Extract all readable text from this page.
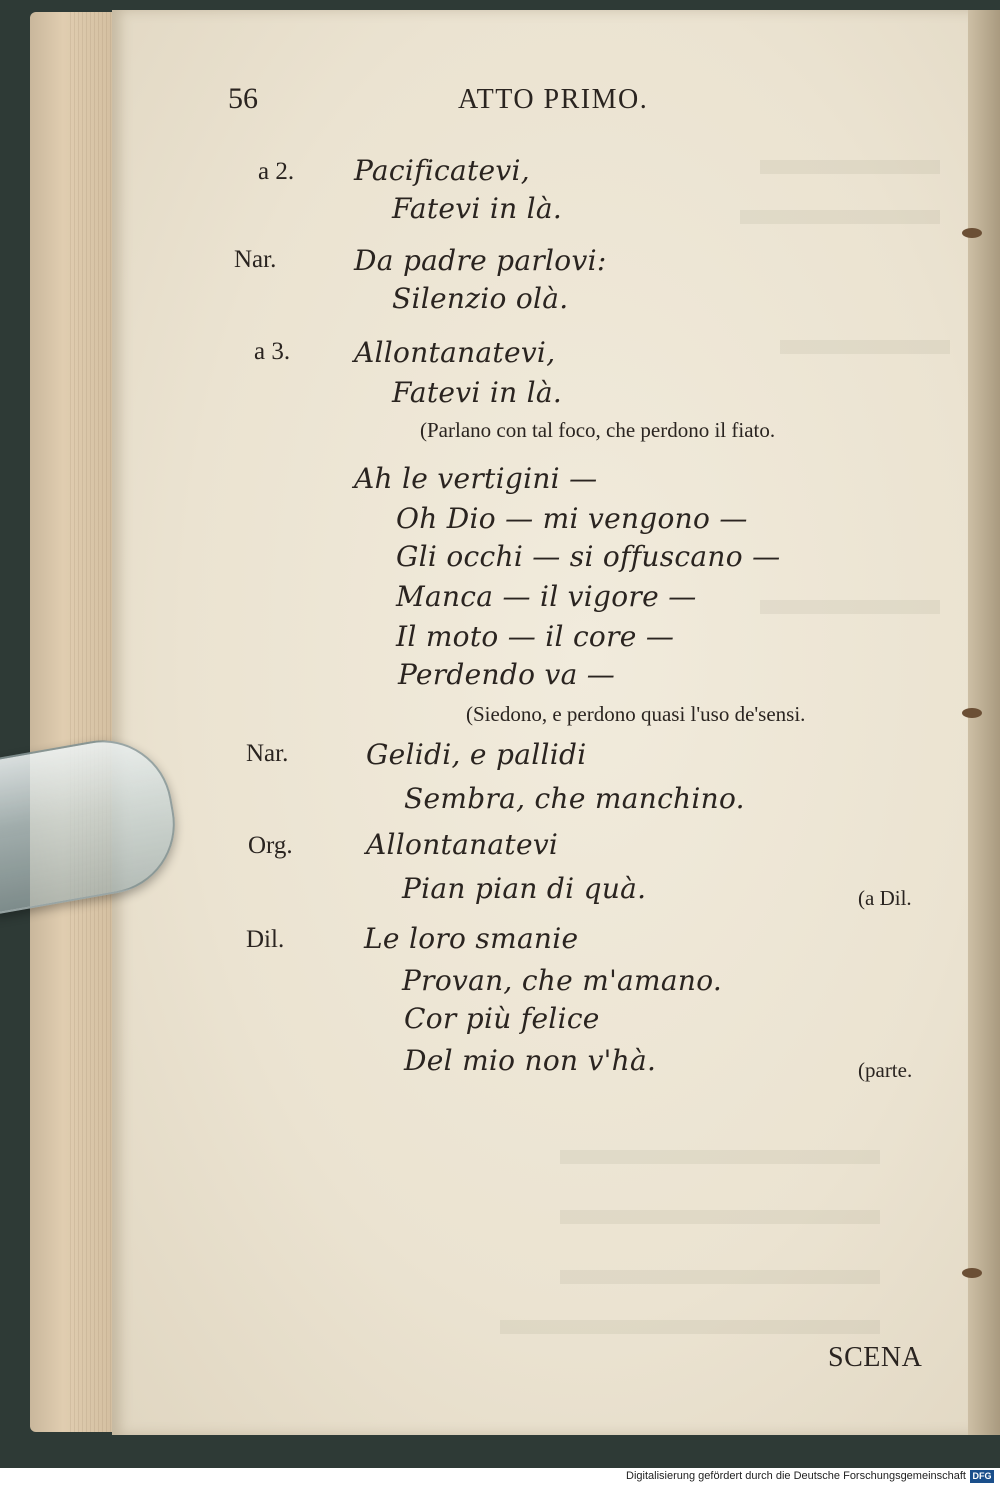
56	ATTO PRIMO.
a 2. Pacificatevi,
Fatevi in là.
Nar.	Da padre parlovi:
Silenzio olà.
a 3. Allontanatevi,
Fatevi in là.
(Parlano con tal foco, che perdono il fiato.
Ah le vertigini —
Oh Dio — mi vengono —
Gli occhi — si offuscano —
Manca — il vigore —
Il moto — il core —
Perdendo va —
(Siedono, e perdono quasi l'uso de'sensi.
Nar.	Gelidi, e pallidi
Sembra, che manchino.
Org.	Allontanatevi
Pian pian di quà.	(a Dil.
Dil.	Le loro smanie
Provan, che m'amano.
Cor più felice
Del mio non v'hà.	(parte.
SCENA
Digitalisierung gefördert durch die Deutsche Forschungsgemeinschaft DFG
